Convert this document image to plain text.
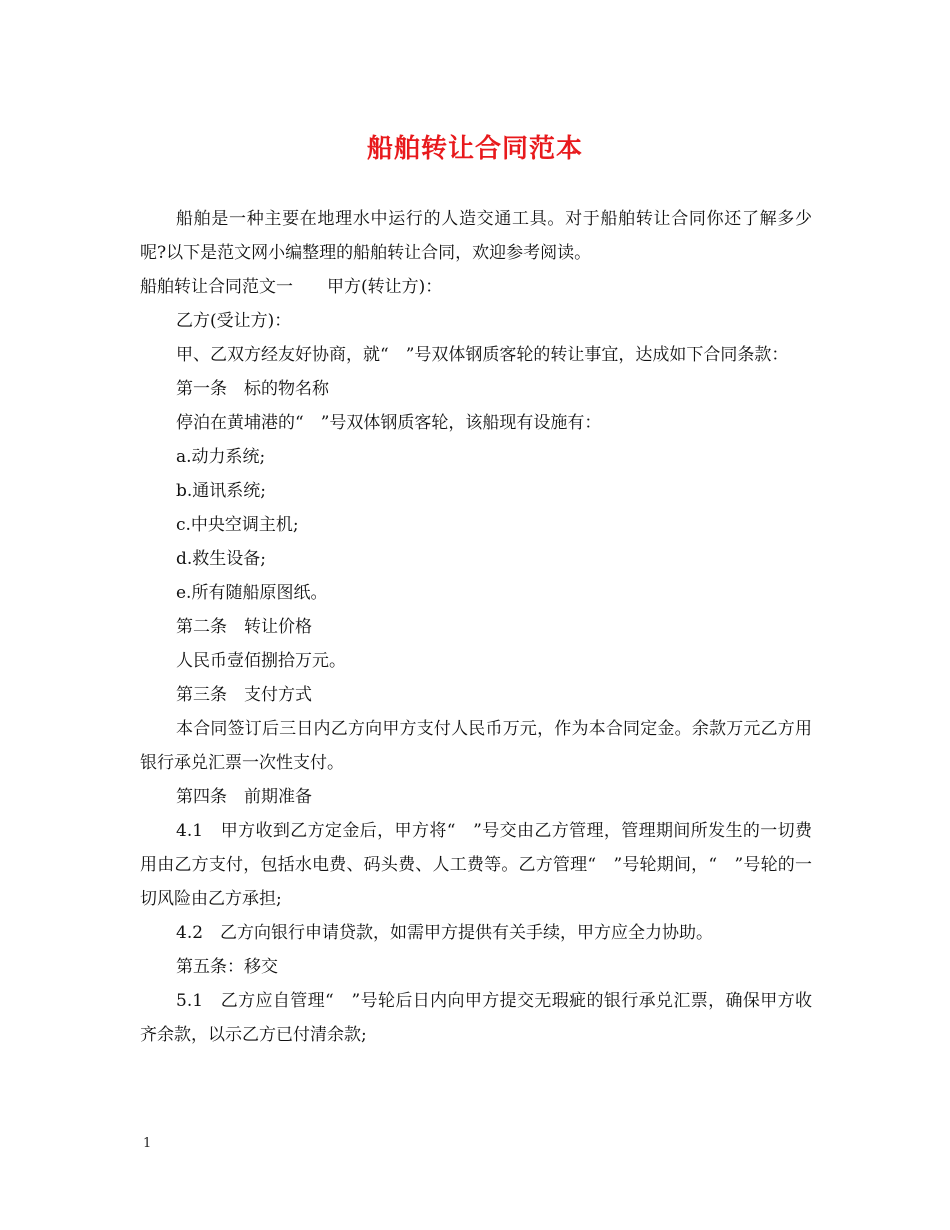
船舶转让合同范本

船舶是一种主要在地理水中运行的人造交通工具。对于船舶转让合同你还了解多少呢?以下是范文网小编整理的船舶转让合同，欢迎参考阅读。

船舶转让合同范文一　　甲方(转让方)：

乙方(受让方)：

甲、乙双方经友好协商，就“　”号双体钢质客轮的转让事宜，达成如下合同条款：

第一条　标的物名称

停泊在黄埔港的“　”号双体钢质客轮，该船现有设施有：

a.动力系统;

b.通讯系统;

c.中央空调主机;

d.救生设备;

e.所有随船原图纸。

第二条　转让价格

人民币壹佰捌拾万元。

第三条　支付方式

本合同签订后三日内乙方向甲方支付人民币万元，作为本合同定金。余款万元乙方用银行承兑汇票一次性支付。

第四条　前期准备

4.1　甲方收到乙方定金后，甲方将“　”号交由乙方管理，管理期间所发生的一切费用由乙方支付，包括水电费、码头费、人工费等。乙方管理“　”号轮期间，“　”号轮的一切风险由乙方承担;

4.2　乙方向银行申请贷款，如需甲方提供有关手续，甲方应全力协助。

第五条：移交

5.1　乙方应自管理“　”号轮后日内向甲方提交无瑕疵的银行承兑汇票，确保甲方收齐余款，以示乙方已付清余款;

1
